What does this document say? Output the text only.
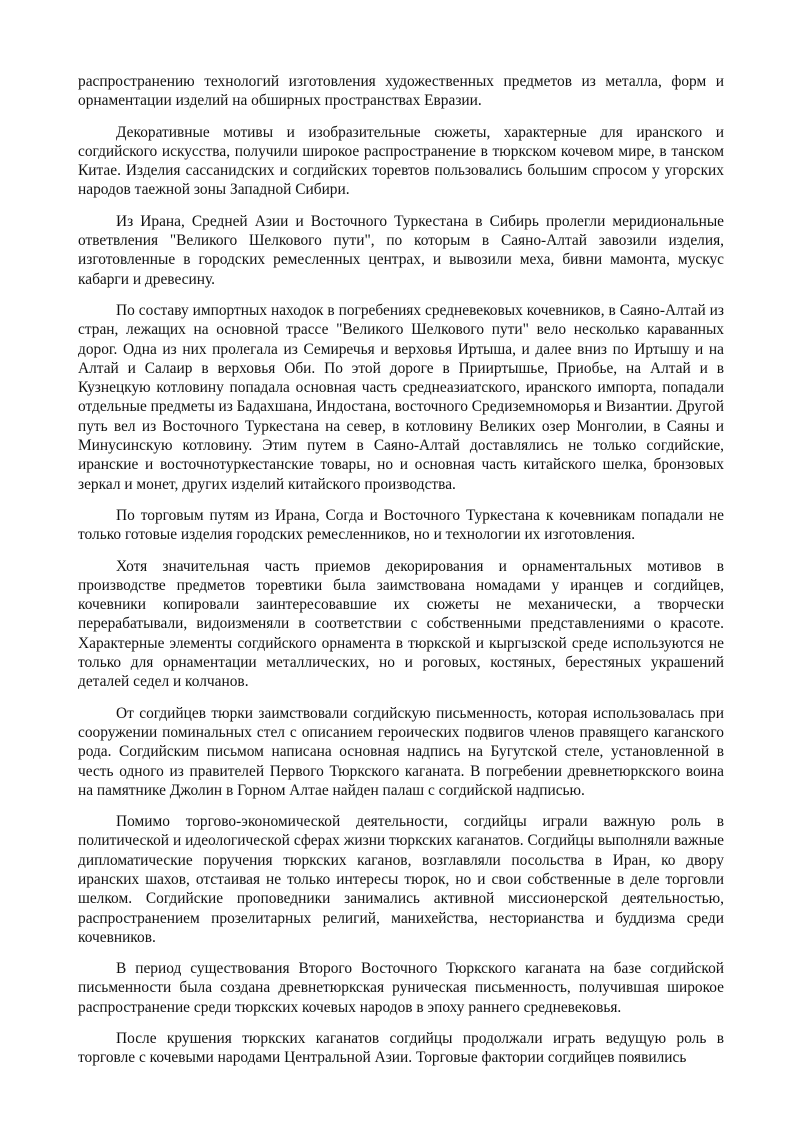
распространению технологий изготовления художественных предметов из металла, форм и орнаментации изделий на обширных пространствах Евразии.

Декоративные мотивы и изобразительные сюжеты, характерные для иранского и согдийского искусства, получили широкое распространение в тюркском кочевом мире, в танском Китае. Изделия сассанидских и согдийских торевтов пользовались большим спросом у угорских народов таежной зоны Западной Сибири.

Из Ирана, Средней Азии и Восточного Туркестана в Сибирь пролегли меридиональные ответвления "Великого Шелкового пути", по которым в Саяно-Алтай завозили изделия, изготовленные в городских ремесленных центрах, и вывозили меха, бивни мамонта, мускус кабарги и древесину.

По составу импортных находок в погребениях средневековых кочевников, в Саяно-Алтай из стран, лежащих на основной трассе "Великого Шелкового пути" вело несколько караванных дорог. Одна из них пролегала из Семиречья и верховья Иртыша, и далее вниз по Иртышу и на Алтай и Салаир в верховья Оби. По этой дороге в Прииртышье, Приобье, на Алтай и в Кузнецкую котловину попадала основная часть среднеазиатского, иранского импорта, попадали отдельные предметы из Бадахшана, Индостана, восточного Средиземноморья и Византии. Другой путь вел из Восточного Туркестана на север, в котловину Великих озер Монголии, в Саяны и Минусинскую котловину. Этим путем в Саяно-Алтай доставлялись не только согдийские, иранские и восточнотуркестанские товары, но и основная часть китайского шелка, бронзовых зеркал и монет, других изделий китайского производства.

По торговым путям из Ирана, Согда и Восточного Туркестана к кочевникам попадали не только готовые изделия городских ремесленников, но и технологии их изготовления.

Хотя значительная часть приемов декорирования и орнаментальных мотивов в производстве предметов торевтики была заимствована номадами у иранцев и согдийцев, кочевники копировали заинтересовавшие их сюжеты не механически, а творчески перерабатывали, видоизменяли в соответствии с собственными представлениями о красоте. Характерные элементы согдийского орнамента в тюркской и кыргызской среде используются не только для орнаментации металлических, но и роговых, костяных, берестяных украшений деталей седел и колчанов.

От согдийцев тюрки заимствовали согдийскую письменность, которая использовалась при сооружении поминальных стел с описанием героических подвигов членов правящего каганского рода. Согдийским письмом написана основная надпись на Бугутской стеле, установленной в честь одного из правителей Первого Тюркского каганата. В погребении древнетюркского воина на памятнике Джолин в Горном Алтае найден палаш с согдийской надписью.

Помимо торгово-экономической деятельности, согдийцы играли важную роль в политической и идеологической сферах жизни тюркских каганатов. Согдийцы выполняли важные дипломатические поручения тюркских каганов, возглавляли посольства в Иран, ко двору иранских шахов, отстаивая не только интересы тюрок, но и свои собственные в деле торговли шелком. Согдийские проповедники занимались активной миссионерской деятельностью, распространением прозелитарных религий, манихейства, несторианства и буддизма среди кочевников.

В период существования Второго Восточного Тюркского каганата на базе согдийской письменности была создана древнетюркская руническая письменность, получившая широкое распространение среди тюркских кочевых народов в эпоху раннего средневековья.

После крушения тюркских каганатов согдийцы продолжали играть ведущую роль в торговле с кочевыми народами Центральной Азии. Торговые фактории согдийцев появились
